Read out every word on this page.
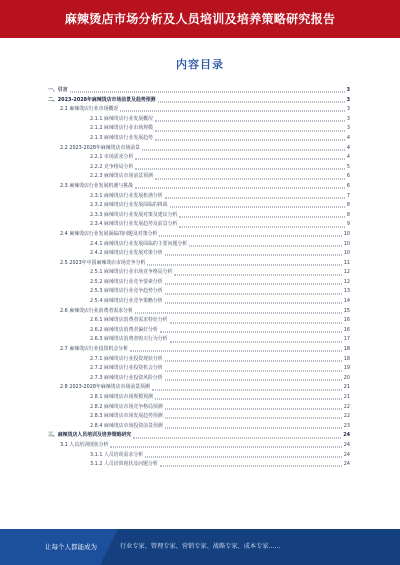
麻辣烫店市场分析及人员培训及培养策略研究报告
内容目录
一、引言	3
二、2023-2028年麻辣烫店市场前景及趋势预测	3
2.1 麻辣烫店行业市场概况	3
2.1.1 麻辣烫店行业发展概况	3
2.1.2 麻辣烫店行业市场规模	3
2.1.3 麻辣烫店行业发展趋势	4
2.2 2023-2028年麻辣烫店市场前景	4
2.2.1 市场需求分析	4
2.2.2 竞争格局分析	5
2.2.3 麻辣烫店市场前景预测	6
2.3 麻辣烫店行业发展机遇与挑战	6
2.3.1 麻辣烫店行业发展机遇分析	7
2.3.2 麻辣烫店行业发展面临的挑战	8
2.3.3 麻辣烫店行业发展对策及建议分析	8
2.3.4 麻辣烫店行业发展趋势及前景分析	9
2.4 麻辣烫店行业发展面临的问题及对策分析	10
2.4.1 麻辣烫店行业发展面临的主要问题分析	10
2.4.2 麻辣烫店行业发展对策分析	10
2.5 2023年中国麻辣烫店市场竞争分析	11
2.5.1 麻辣烫店行业市场竞争格局分析	12
2.5.2 麻辣烫店行业竞争要素分析	12
2.5.3 麻辣烫店行业竞争趋势分析	13
2.5.4 麻辣烫店行业竞争策略分析	14
2.6 麻辣烫店行业消费者需求分析	15
2.6.1 麻辣烫店消费者需求特征分析	16
2.6.2 麻辣烫店消费者偏好分析	16
2.6.3 麻辣烫店消费者购买行为分析	17
2.7 麻辣烫店行业投资机会分析	18
2.7.1 麻辣烫店行业投资现状分析	18
2.7.2 麻辣烫店行业投资机会分析	19
2.7.3 麻辣烫店行业投资风险分析	20
2.8 2023-2028年麻辣烫店市场前景预测	21
2.8.1 麻辣烫店市场规模预测	21
2.8.2 麻辣烫店市场竞争格局预测	22
2.8.3 麻辣烫店市场发展趋势预测	22
2.8.4 麻辣烫店市场投资前景预测	23
三、麻辣烫店人员培训及培养策略研究	24
3.1 人员培训现状分析	24
3.1.1 人员培训需求分析	24
3.1.2 人员培训现状及问题分析	24
让每个人都能成为	行业专家、管理专家、营销专家、战略专家、成本专家……
